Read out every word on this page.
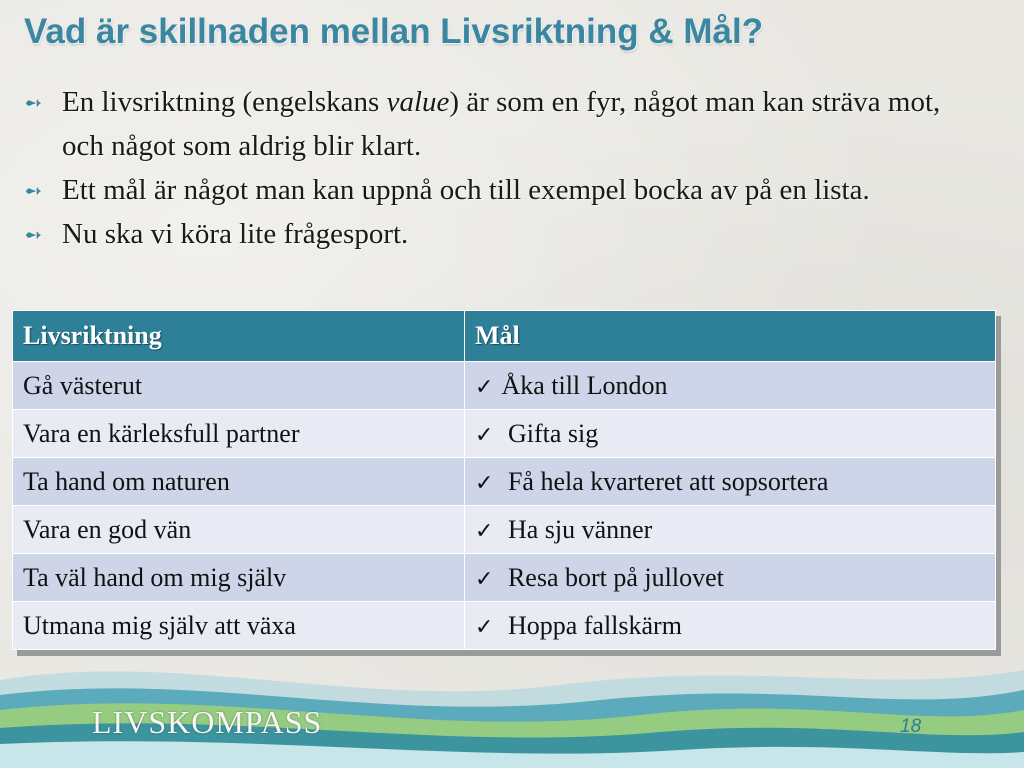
Vad är skillnaden mellan Livsriktning & Mål?
➻ En livsriktning (engelskans value) är som en fyr, något man kan sträva mot, och något som aldrig blir klart.
➻ Ett mål är något man kan uppnå och till exempel bocka av på en lista.
➻ Nu ska vi köra lite frågesport.
Livsriktning	Mål
Gå västerut	✓ Åka till London
Vara en kärleksfull partner	✓ Gifta sig
Ta hand om naturen	✓ Få hela kvarteret att sopsortera
Vara en god vän	✓ Ha sju vänner
Ta väl hand om mig själv	✓ Resa bort på jullovet
Utmana mig själv att växa	✓ Hoppa fallskärm
LIVSKOMPASS	18
